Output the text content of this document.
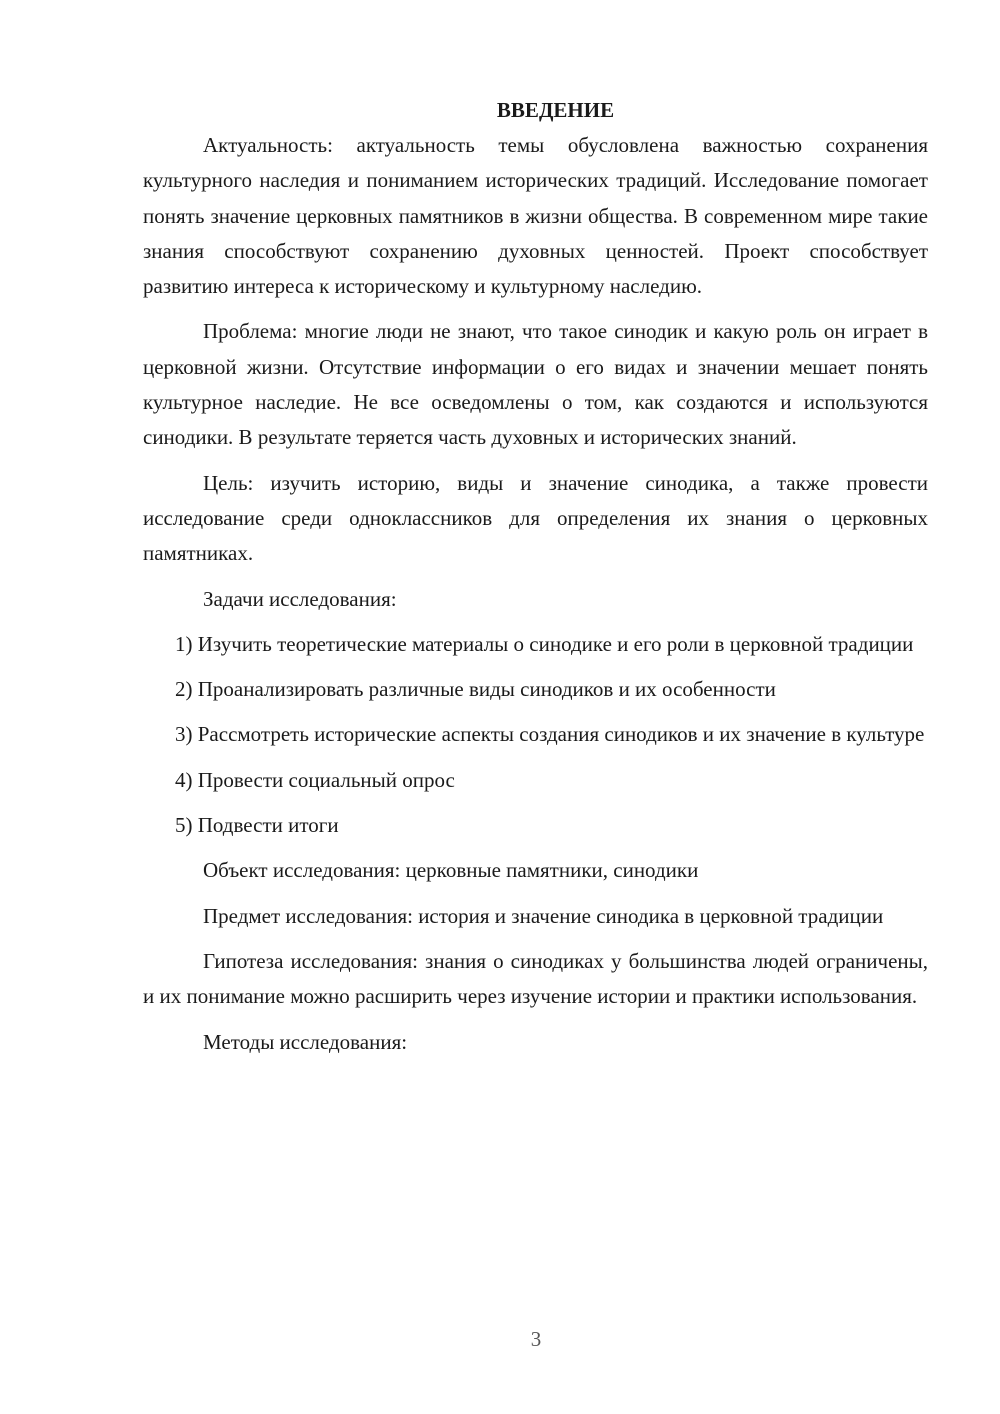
ВВЕДЕНИЕ

Актуальность: актуальность темы обусловлена важностью сохранения культурного наследия и пониманием исторических традиций. Исследование помогает понять значение церковных памятников в жизни общества. В современном мире такие знания способствуют сохранению духовных ценностей. Проект способствует развитию интереса к историческому и культурному наследию.

Проблема: многие люди не знают, что такое синодик и какую роль он играет в церковной жизни. Отсутствие информации о его видах и значении мешает понять культурное наследие. Не все осведомлены о том, как создаются и используются синодики. В результате теряется часть духовных и исторических знаний.

Цель: изучить историю, виды и значение синодика, а также провести исследование среди одноклассников для определения их знания о церковных памятниках.

Задачи исследования:

1) Изучить теоретические материалы о синодике и его роли в церковной традиции

2) Проанализировать различные виды синодиков и их особенности

3) Рассмотреть исторические аспекты создания синодиков и их значение в культуре

4) Провести социальный опрос

5) Подвести итоги

Объект исследования: церковные памятники, синодики

Предмет исследования: история и значение синодика в церковной традиции

Гипотеза исследования: знания о синодиках у большинства людей ограничены, и их понимание можно расширить через изучение истории и практики использования.

Методы исследования:

3
